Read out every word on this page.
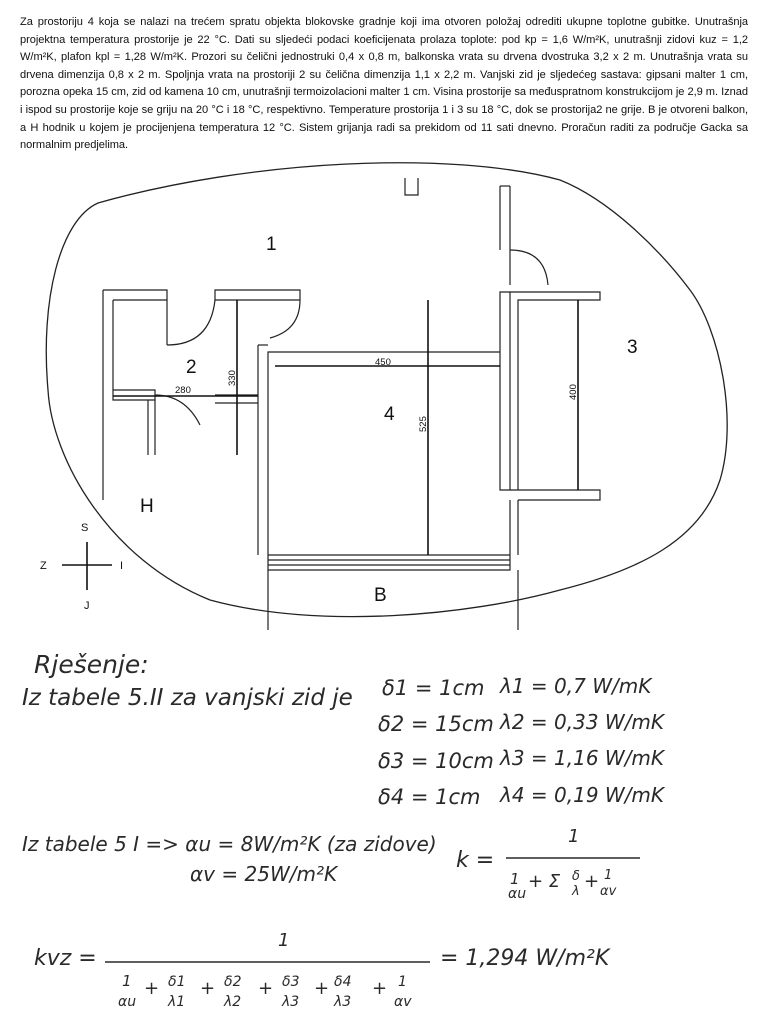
Za prostoriju 4 koja se nalazi na trećem spratu objekta blokovske gradnje koji ima otvoren položaj odrediti ukupne toplotne gubitke. Unutrašnja projektna temperatura prostorije je 22 °C. Dati su sljedeći podaci koeficijenata prolaza toplote: pod kp = 1,6 W/m²K, unutrašnji zidovi kuz = 1,2 W/m²K, plafon kpl = 1,28 W/m²K. Prozori su čelični jednostruki 0,4 x 0,8 m, balkonska vrata su drvena dvostruka 3,2 x 2 m. Unutrašnja vrata su drvena dimenzija 0,8 x 2 m. Spoljnja vrata na prostoriji 2 su čelična dimenzija 1,1 x 2,2 m. Vanjski zid je sljedećeg sastava: gipsani malter 1 cm, porozna opeka 15 cm, zid od kamena 10 cm, unutrašnji termoizolacioni malter 1 cm. Visina prostorije sa međuspratnom konstrukcijom je 2,9 m. Iznad i ispod su prostorije koje se griju na 20 °C i 18 °C, respektivno. Temperature prostorija 1 i 3 su 18 °C, dok se prostorija2 ne grije. B je otvoreni balkon, a H hodnik u kojem je procijenjena temperatura 12 °C. Sistem grijanja radi sa prekidom od 11 sati dnevno. Proračun raditi za područje Gacka sa normalnim predjelima.

1
2
3
4
H
B
450
525
400
330
280
S
J
Z	I
Rješenje:
Iz tabele 5.II za vanjski zid je δ1 = 1cm
δ2 = 15cm
δ3 = 10cm
δ4 = 1cm
λ1 = 0,7 W/mK
λ2 = 0,33 W/mK
λ3 = 1,16 W/mK
λ4 = 0,19 W/mK
Iz tabele 5 I => αu = 8W/m²K (za zidove)
αv = 25W/m²K
k =
kvz =	= 1,294 W/m²K
1
1
αu
+ Σ δ
λ + 1
αv
1
1
αu
+ δ1
λ1
+ δ2
λ2
+ δ3
λ3
+ δ4
λ3
+ 1
αv
